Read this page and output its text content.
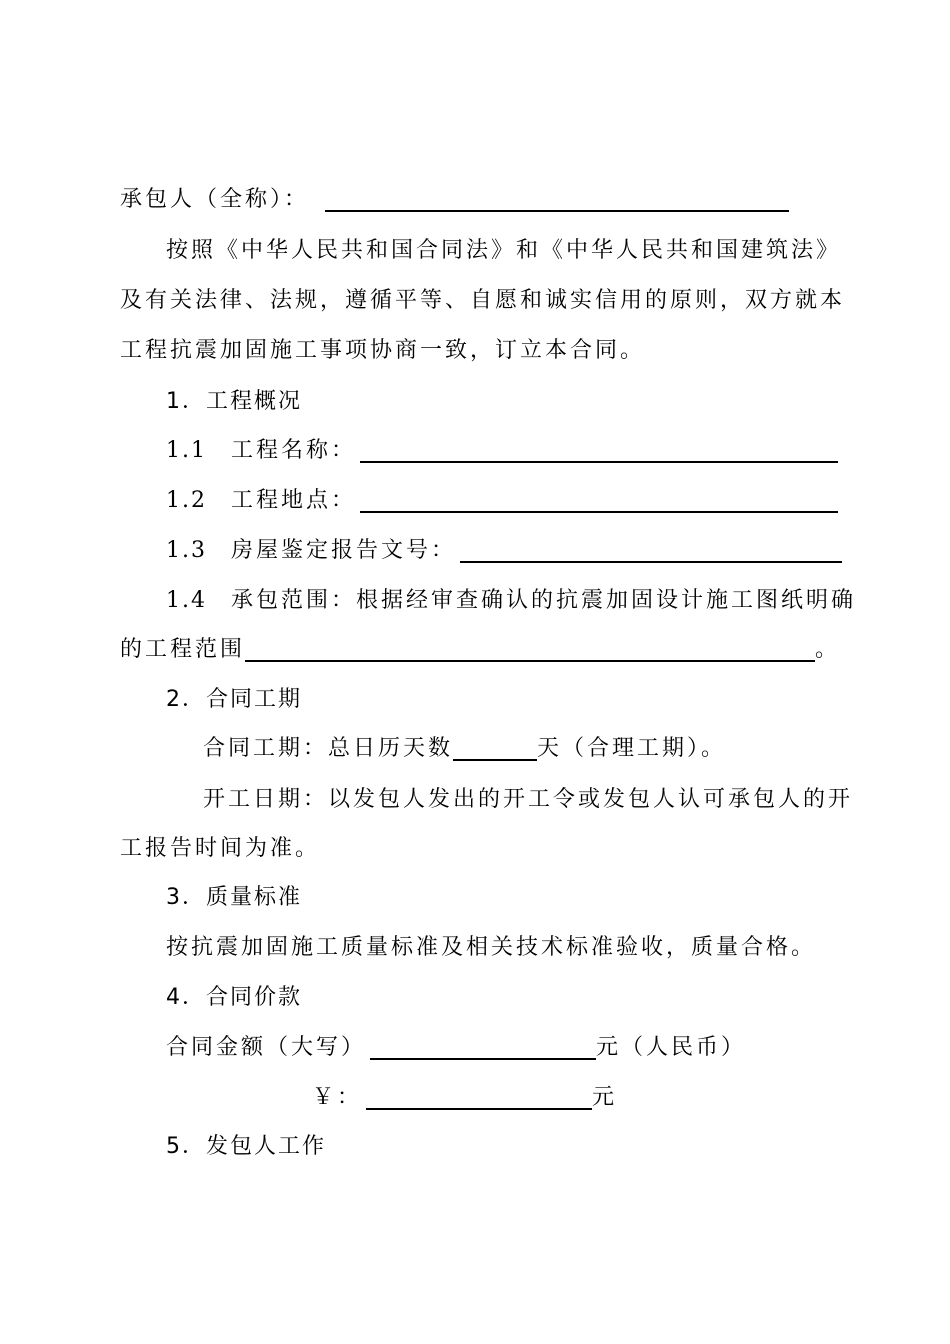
承包人（全称）：
按照《中华人民共和国合同法》和《中华人民共和国建筑法》
及有关法律、法规，遵循平等、自愿和诚实信用的原则，双方就本
工程抗震加固施工事项协商一致，订立本合同。
1．工程概况
1.1 工程名称：
1.2 工程地点：
1.3 房屋鉴定报告文号：
1.4 承包范围：根据经审查确认的抗震加固设计施工图纸明确
的工程范围	。
2．合同工期
合同工期：总日历天数	天（合理工期）。
开工日期：以发包人发出的开工令或发包人认可承包人的开
工报告时间为准。
3．质量标准
按抗震加固施工质量标准及相关技术标准验收，质量合格。
4．合同价款
合同金额（大写）	元（人民币）
￥：	元
5．发包人工作
